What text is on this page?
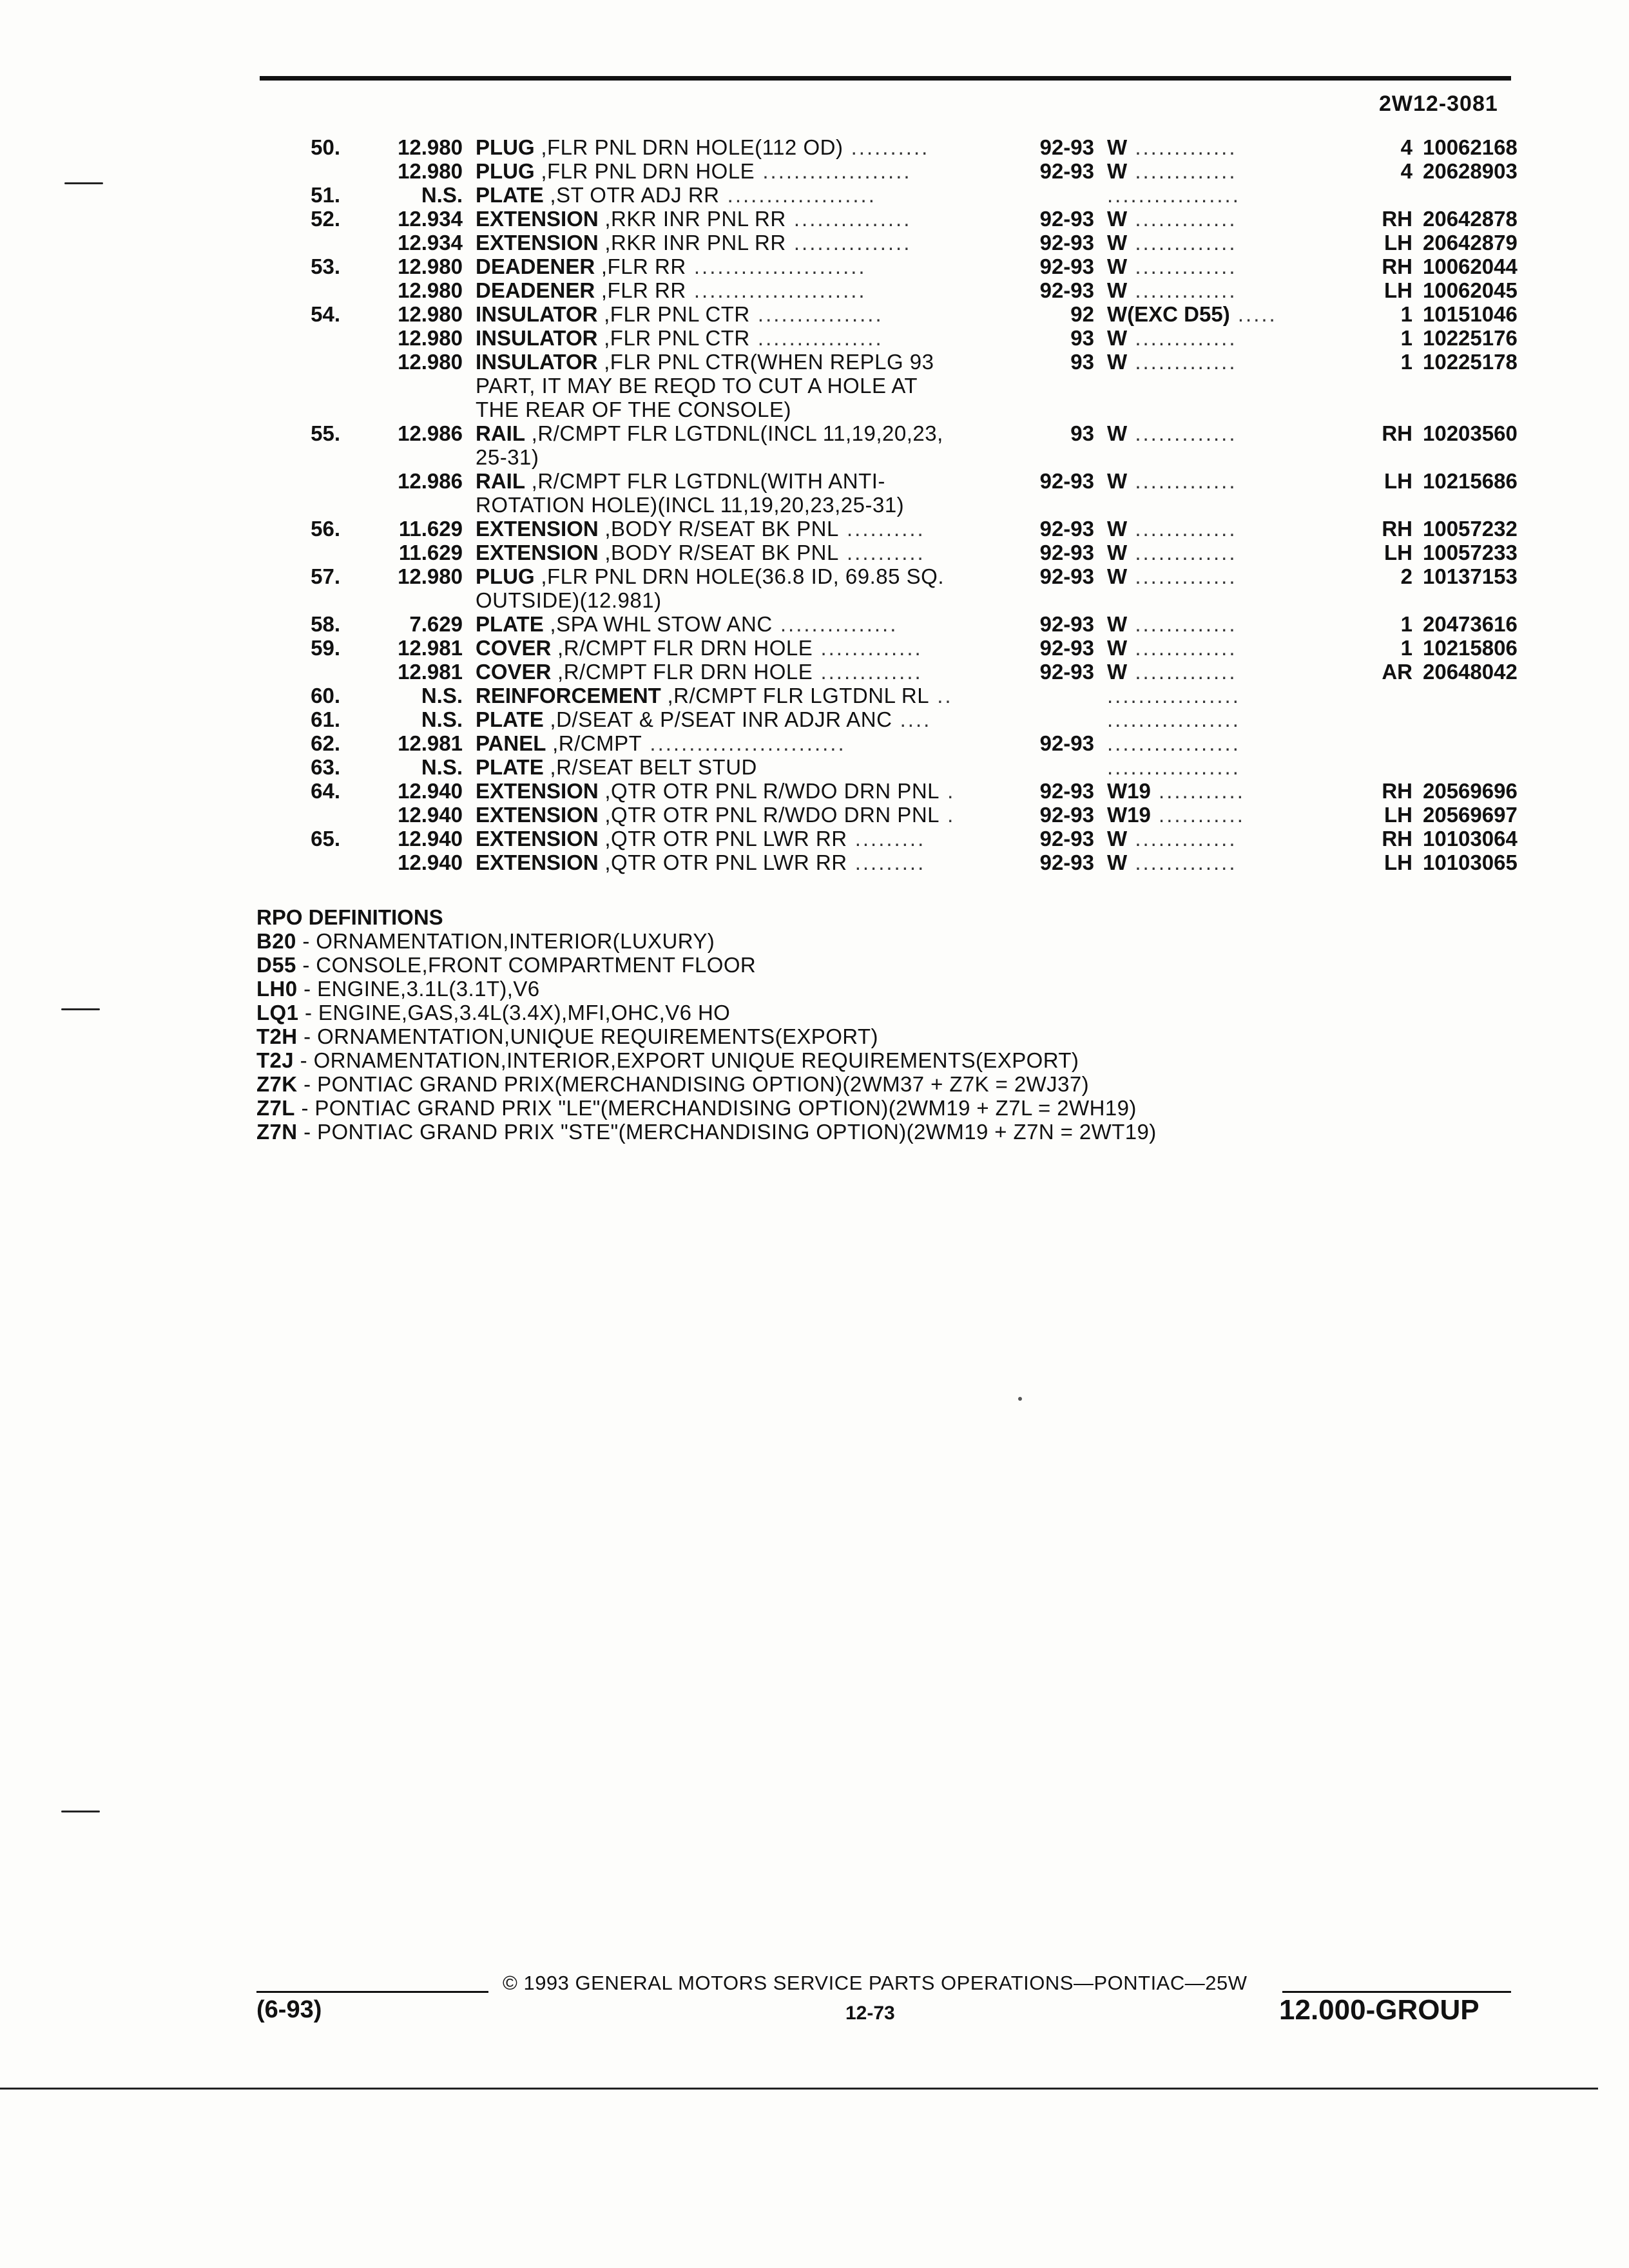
2W12-3081
50.	12.980 PLUG ,FLR PNL DRN HOLE(112 OD) ..........	92-93 W .............	4 10062168
12.980 PLUG ,FLR PNL DRN HOLE ...................	92-93 W .............	4 20628903
51.	N.S. PLATE ,ST OTR ADJ RR ...................	.................
52.	12.934 EXTENSION ,RKR INR PNL RR ...............	92-93 W .............	RH 20642878
12.934 EXTENSION ,RKR INR PNL RR ...............	92-93 W .............	LH 20642879
53.	12.980 DEADENER ,FLR RR ......................	92-93 W .............	RH 10062044
12.980 DEADENER ,FLR RR ......................	92-93 W .............	LH 10062045
54.	12.980 INSULATOR ,FLR PNL CTR ................	92 W(EXC D55) .....	1 10151046
12.980 INSULATOR ,FLR PNL CTR ................	93 W .............	1 10225176
12.980 INSULATOR ,FLR PNL CTR(WHEN REPLG 93
PART, IT MAY BE REQD TO CUT A HOLE AT
THE REAR OF THE CONSOLE)
93 W .............	1 10225178
55.	12.986 RAIL ,R/CMPT FLR LGTDNL(INCL 11,19,20,23,
25-31)
93 W .............	RH 10203560
12.986 RAIL ,R/CMPT FLR LGTDNL(WITH ANTI-
ROTATION HOLE)(INCL 11,19,20,23,25-31)
92-93 W .............	LH 10215686
56.	11.629 EXTENSION ,BODY R/SEAT BK PNL ..........	92-93 W .............	RH 10057232
11.629 EXTENSION ,BODY R/SEAT BK PNL ..........	92-93 W .............	LH 10057233
57.	12.980 PLUG ,FLR PNL DRN HOLE(36.8 ID, 69.85 SQ.
OUTSIDE)(12.981)
92-93 W .............	2 10137153
58.	7.629 PLATE ,SPA WHL STOW ANC ...............	92-93 W .............	1 20473616
59.	12.981 COVER ,R/CMPT FLR DRN HOLE .............	92-93 W .............	1 10215806
12.981 COVER ,R/CMPT FLR DRN HOLE .............	92-93 W .............	AR 20648042
60.	N.S. REINFORCEMENT ,R/CMPT FLR LGTDNL RL ..	.................
61.	N.S. PLATE ,D/SEAT & P/SEAT INR ADJR ANC ....	.................
62.	12.981 PANEL ,R/CMPT .........................	92-93 .................
63.	N.S. PLATE ,R/SEAT BELT STUD	.................
64.	12.940 EXTENSION ,QTR OTR PNL R/WDO DRN PNL .	92-93 W19 ...........	RH 20569696
12.940 EXTENSION ,QTR OTR PNL R/WDO DRN PNL .	92-93 W19 ...........	LH 20569697
65.	12.940 EXTENSION ,QTR OTR PNL LWR RR .........	92-93 W .............	RH 10103064
12.940 EXTENSION ,QTR OTR PNL LWR RR .........	92-93 W .............	LH 10103065
RPO DEFINITIONS
B20 - ORNAMENTATION,INTERIOR(LUXURY)
D55 - CONSOLE,FRONT COMPARTMENT FLOOR
LH0 - ENGINE,3.1L(3.1T),V6
LQ1 - ENGINE,GAS,3.4L(3.4X),MFI,OHC,V6 HO
T2H - ORNAMENTATION,UNIQUE REQUIREMENTS(EXPORT)
T2J - ORNAMENTATION,INTERIOR,EXPORT UNIQUE REQUIREMENTS(EXPORT)
Z7K - PONTIAC GRAND PRIX(MERCHANDISING OPTION)(2WM37 + Z7K = 2WJ37)
Z7L - PONTIAC GRAND PRIX "LE"(MERCHANDISING OPTION)(2WM19 + Z7L = 2WH19)
Z7N - PONTIAC GRAND PRIX "STE"(MERCHANDISING OPTION)(2WM19 + Z7N = 2WT19)
© 1993 GENERAL MOTORS SERVICE PARTS OPERATIONS—PONTIAC—25W
(6-93)	12-73	12.000-GROUP
